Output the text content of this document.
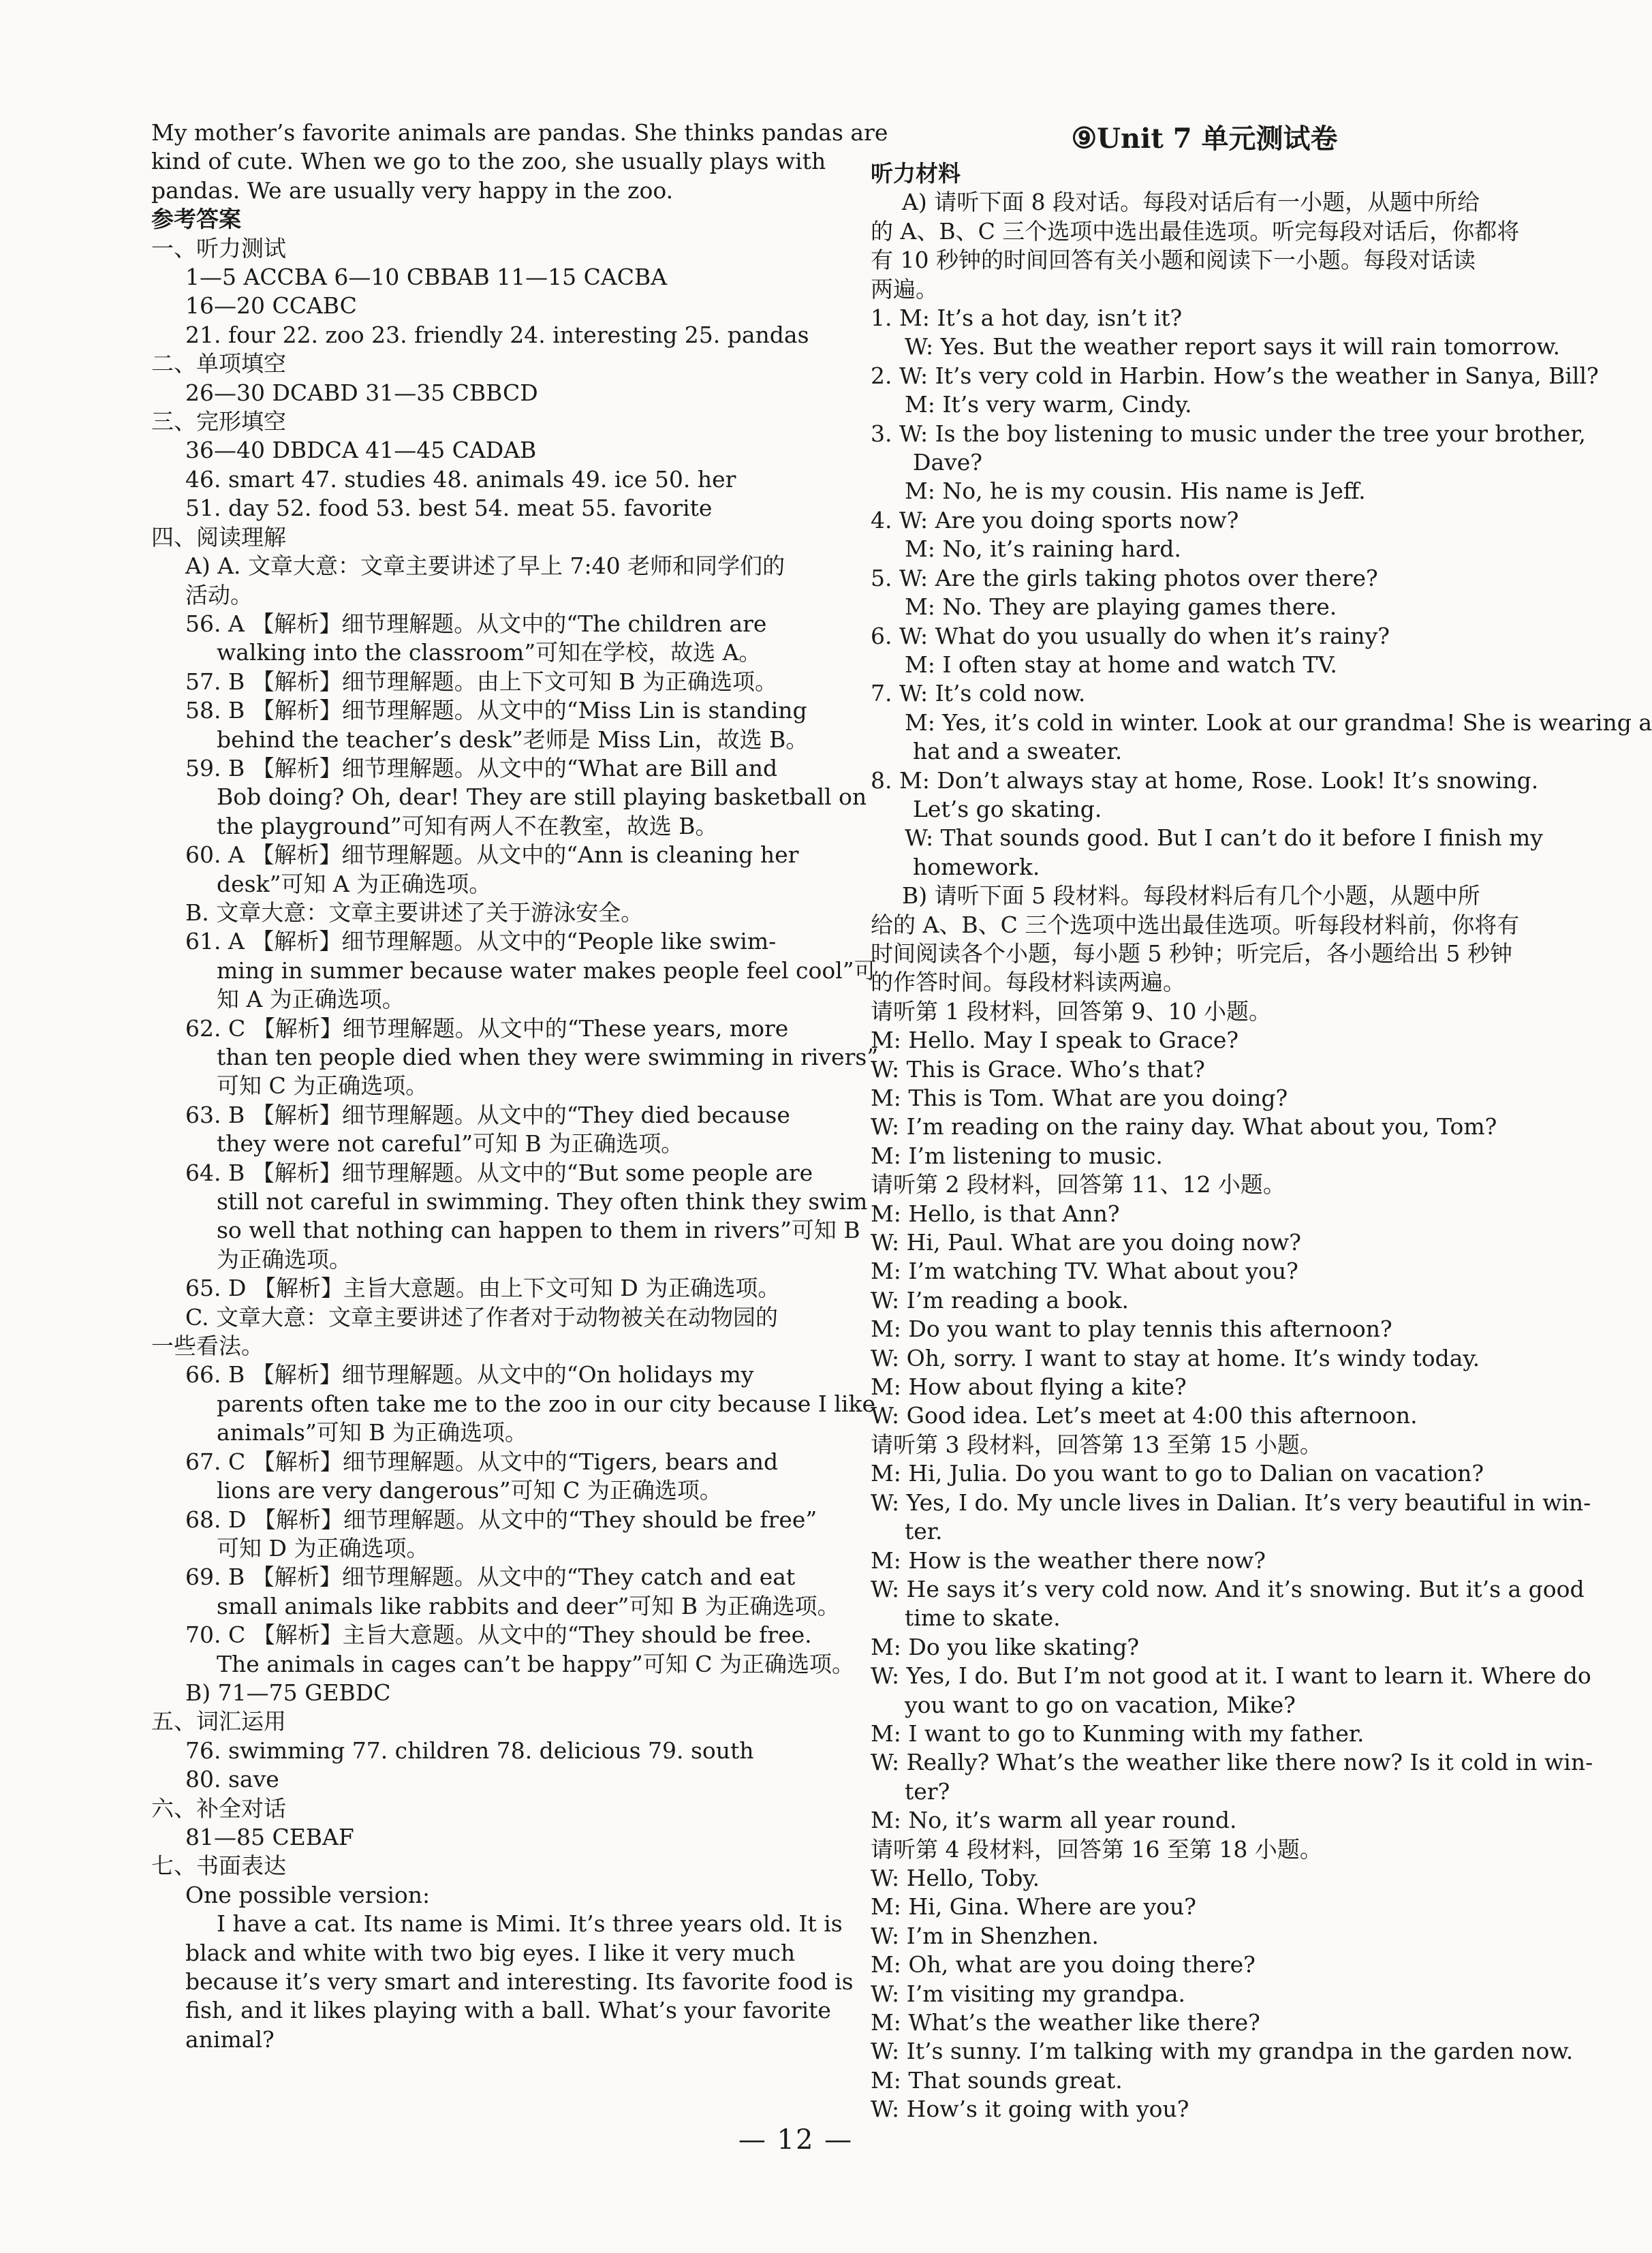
My mother’s favorite animals are pandas. She thinks pandas are
kind of cute. When we go to the zoo, she usually plays with
pandas. We are usually very happy in the zoo.
参考答案
一、听力测试
1—5 ACCBA 6—10 CBBAB 11—15 CACBA
16—20 CCABC
21. four 22. zoo 23. friendly 24. interesting 25. pandas
二、单项填空
26—30 DCABD 31—35 CBBCD
三、完形填空
36—40 DBDCA 41—45 CADAB
46. smart 47. studies 48. animals 49. ice 50. her
51. day 52. food 53. best 54. meat 55. favorite
四、阅读理解
A) A. 文章大意：文章主要讲述了早上 7:40 老师和同学们的
活动。
56. A 【解析】细节理解题。从文中的“The children are
walking into the classroom”可知在学校，故选 A。
57. B 【解析】细节理解题。由上下文可知 B 为正确选项。
58. B 【解析】细节理解题。从文中的“Miss Lin is standing
behind the teacher’s desk”老师是 Miss Lin，故选 B。
59. B 【解析】细节理解题。从文中的“What are Bill and
Bob doing? Oh, dear! They are still playing basketball on
the playground”可知有两人不在教室，故选 B。
60. A 【解析】细节理解题。从文中的“Ann is cleaning her
desk”可知 A 为正确选项。
B. 文章大意：文章主要讲述了关于游泳安全。
61. A 【解析】细节理解题。从文中的“People like swim-
ming in summer because water makes people feel cool”可
知 A 为正确选项。
62. C 【解析】细节理解题。从文中的“These years, more
than ten people died when they were swimming in rivers”
可知 C 为正确选项。
63. B 【解析】细节理解题。从文中的“They died because
they were not careful”可知 B 为正确选项。
64. B 【解析】细节理解题。从文中的“But some people are
still not careful in swimming. They often think they swim
so well that nothing can happen to them in rivers”可知 B
为正确选项。
65. D 【解析】主旨大意题。由上下文可知 D 为正确选项。
C. 文章大意：文章主要讲述了作者对于动物被关在动物园的
一些看法。
66. B 【解析】细节理解题。从文中的“On holidays my
parents often take me to the zoo in our city because I like
animals”可知 B 为正确选项。
67. C 【解析】细节理解题。从文中的“Tigers, bears and
lions are very dangerous”可知 C 为正确选项。
68. D 【解析】细节理解题。从文中的“They should be free”
可知 D 为正确选项。
69. B 【解析】细节理解题。从文中的“They catch and eat
small animals like rabbits and deer”可知 B 为正确选项。
70. C 【解析】主旨大意题。从文中的“They should be free.
The animals in cages can’t be happy”可知 C 为正确选项。
B) 71—75 GEBDC
五、词汇运用
76. swimming 77. children 78. delicious 79. south
80. save
六、补全对话
81—85 CEBAF
七、书面表达
One possible version:
I have a cat. Its name is Mimi. It’s three years old. It is
black and white with two big eyes. I like it very much
because it’s very smart and interesting. Its favorite food is
fish, and it likes playing with a ball. What’s your favorite
animal?
⑨Unit 7 单元测试卷
听力材料
A) 请听下面 8 段对话。每段对话后有一小题，从题中所给
的 A、B、C 三个选项中选出最佳选项。听完每段对话后，你都将
有 10 秒钟的时间回答有关小题和阅读下一小题。每段对话读
两遍。
1. M: It’s a hot day, isn’t it?
W: Yes. But the weather report says it will rain tomorrow.
2. W: It’s very cold in Harbin. How’s the weather in Sanya, Bill?
M: It’s very warm, Cindy.
3. W: Is the boy listening to music under the tree your brother,
Dave?
M: No, he is my cousin. His name is Jeff.
4. W: Are you doing sports now?
M: No, it’s raining hard.
5. W: Are the girls taking photos over there?
M: No. They are playing games there.
6. W: What do you usually do when it’s rainy?
M: I often stay at home and watch TV.
7. W: It’s cold now.
M: Yes, it’s cold in winter. Look at our grandma! She is wearing a
hat and a sweater.
8. M: Don’t always stay at home, Rose. Look! It’s snowing.
Let’s go skating.
W: That sounds good. But I can’t do it before I finish my
homework.
B) 请听下面 5 段材料。每段材料后有几个小题，从题中所
给的 A、B、C 三个选项中选出最佳选项。听每段材料前，你将有
时间阅读各个小题，每小题 5 秒钟；听完后，各小题给出 5 秒钟
的作答时间。每段材料读两遍。
请听第 1 段材料，回答第 9、10 小题。
M: Hello. May I speak to Grace?
W: This is Grace. Who’s that?
M: This is Tom. What are you doing?
W: I’m reading on the rainy day. What about you, Tom?
M: I’m listening to music.
请听第 2 段材料，回答第 11、12 小题。
M: Hello, is that Ann?
W: Hi, Paul. What are you doing now?
M: I’m watching TV. What about you?
W: I’m reading a book.
M: Do you want to play tennis this afternoon?
W: Oh, sorry. I want to stay at home. It’s windy today.
M: How about flying a kite?
W: Good idea. Let’s meet at 4:00 this afternoon.
请听第 3 段材料，回答第 13 至第 15 小题。
M: Hi, Julia. Do you want to go to Dalian on vacation?
W: Yes, I do. My uncle lives in Dalian. It’s very beautiful in win-
ter.
M: How is the weather there now?
W: He says it’s very cold now. And it’s snowing. But it’s a good
time to skate.
M: Do you like skating?
W: Yes, I do. But I’m not good at it. I want to learn it. Where do
you want to go on vacation, Mike?
M: I want to go to Kunming with my father.
W: Really? What’s the weather like there now? Is it cold in win-
ter?
M: No, it’s warm all year round.
请听第 4 段材料，回答第 16 至第 18 小题。
W: Hello, Toby.
M: Hi, Gina. Where are you?
W: I’m in Shenzhen.
M: Oh, what are you doing there?
W: I’m visiting my grandpa.
M: What’s the weather like there?
W: It’s sunny. I’m talking with my grandpa in the garden now.
M: That sounds great.
W: How’s it going with you?
— 12 —
